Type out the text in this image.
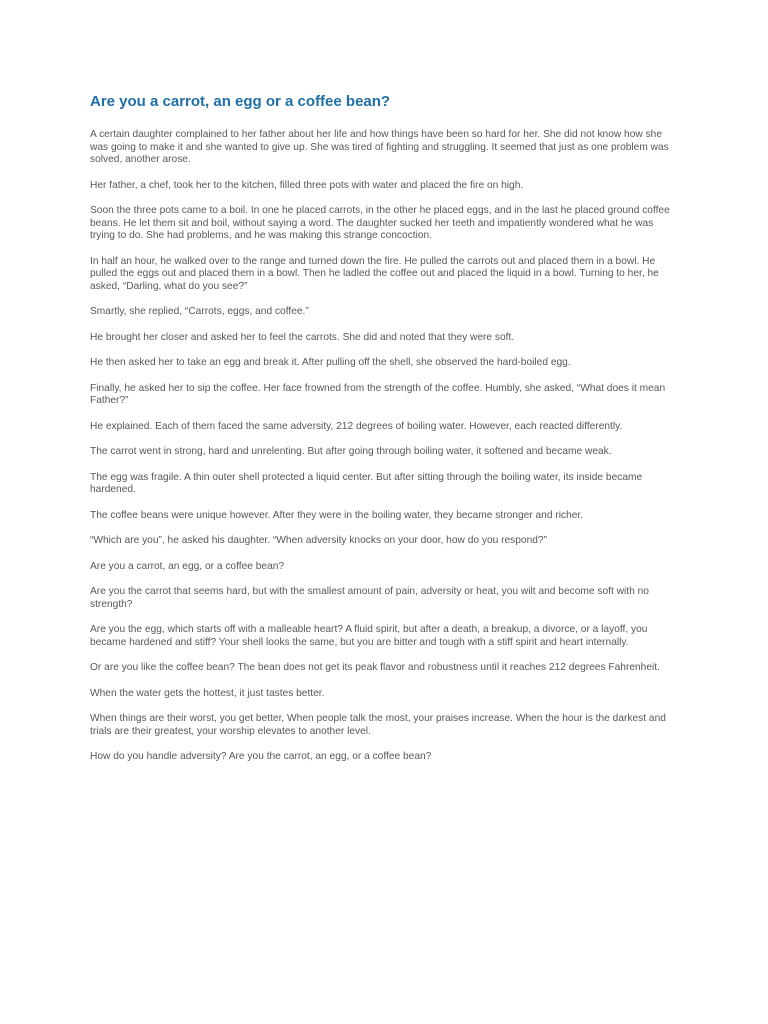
Are you a carrot, an egg or a coffee bean?

A certain daughter complained to her father about her life and how things have been so hard for her. She did not know how she was going to make it and she wanted to give up. She was tired of fighting and struggling. It seemed that just as one problem was solved, another arose.

Her father, a chef, took her to the kitchen, filled three pots with water and placed the fire on high.

Soon the three pots came to a boil. In one he placed carrots, in the other he placed eggs, and in the last he placed ground coffee beans. He let them sit and boil, without saying a word. The daughter sucked her teeth and impatiently wondered what he was trying to do. She had problems, and he was making this strange concoction.

In half an hour, he walked over to the range and turned down the fire. He pulled the carrots out and placed them in a bowl. He pulled the eggs out and placed them in a bowl. Then he ladled the coffee out and placed the liquid in a bowl. Turning to her, he asked, “Darling, what do you see?”

Smartly, she replied, “Carrots, eggs, and coffee.”

He brought her closer and asked her to feel the carrots. She did and noted that they were soft.

He then asked her to take an egg and break it. After pulling off the shell, she observed the hard-boiled egg.

Finally, he asked her to sip the coffee. Her face frowned from the strength of the coffee. Humbly, she asked, “What does it mean Father?”

He explained. Each of them faced the same adversity, 212 degrees of boiling water. However, each reacted differently.

The carrot went in strong, hard and unrelenting. But after going through boiling water, it softened and became weak.

The egg was fragile. A thin outer shell protected a liquid center. But after sitting through the boiling water, its inside became hardened.

The coffee beans were unique however. After they were in the boiling water, they became stronger and richer.

“Which are you”, he asked his daughter. “When adversity knocks on your door, how do you respond?”

Are you a carrot, an egg, or a coffee bean?

Are you the carrot that seems hard, but with the smallest amount of pain, adversity or heat, you wilt and become soft with no strength?

Are you the egg, which starts off with a malleable heart? A fluid spirit, but after a death, a breakup, a divorce, or a layoff, you became hardened and stiff? Your shell looks the same, but you are bitter and tough with a stiff spirit and heart internally.

Or are you like the coffee bean? The bean does not get its peak flavor and robustness until it reaches 212 degrees Fahrenheit.

When the water gets the hottest, it just tastes better.

When things are their worst, you get better, When people talk the most, your praises increase. When the hour is the darkest and trials are their greatest, your worship elevates to another level.

How do you handle adversity? Are you the carrot, an egg, or a coffee bean?
